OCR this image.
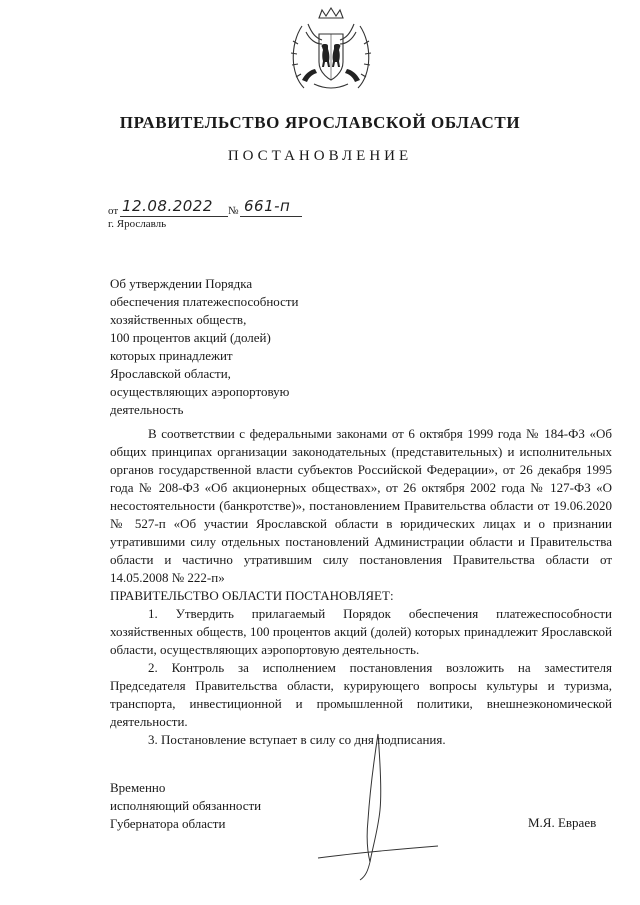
ПРАВИТЕЛЬСТВО ЯРОСЛАВСКОЙ ОБЛАСТИ
ПОСТАНОВЛЕНИЕ
от 12.08.2022 № 661-п
г. Ярославль
Об утверждении Порядка
обеспечения платежеспособности
хозяйственных обществ,
100 процентов акций (долей)
которых принадлежит
Ярославской области,
осуществляющих аэропортовую
деятельность

В соответствии с федеральными законами от 6 октября 1999 года № 184-ФЗ «Об общих принципах организации законодательных (представительных) и исполнительных органов государственной власти субъектов Российской Федерации», от 26 декабря 1995 года № 208-ФЗ «Об акционерных обществах», от 26 октября 2002 года № 127-ФЗ «О несостоятельности (банкротстве)», постановлением Правительства области от 19.06.2020 № 527-п «Об участии Ярославской области в юридических лицах и о признании утратившими силу отдельных постановлений Администрации области и Правительства области и частично утратившим силу постановления Правительства области от 14.05.2008 № 222-п»

ПРАВИТЕЛЬСТВО ОБЛАСТИ ПОСТАНОВЛЯЕТ:

1. Утвердить прилагаемый Порядок обеспечения платежеспособности хозяйственных обществ, 100 процентов акций (долей) которых принадлежит Ярославской области, осуществляющих аэропортовую деятельность.

2. Контроль за исполнением постановления возложить на заместителя Председателя Правительства области, курирующего вопросы культуры и туризма, транспорта, инвестиционной и промышленной политики, внешнеэкономической деятельности.

3. Постановление вступает в силу со дня подписания.

Временно
исполняющий обязанности
Губернатора области	М.Я. Евраев
